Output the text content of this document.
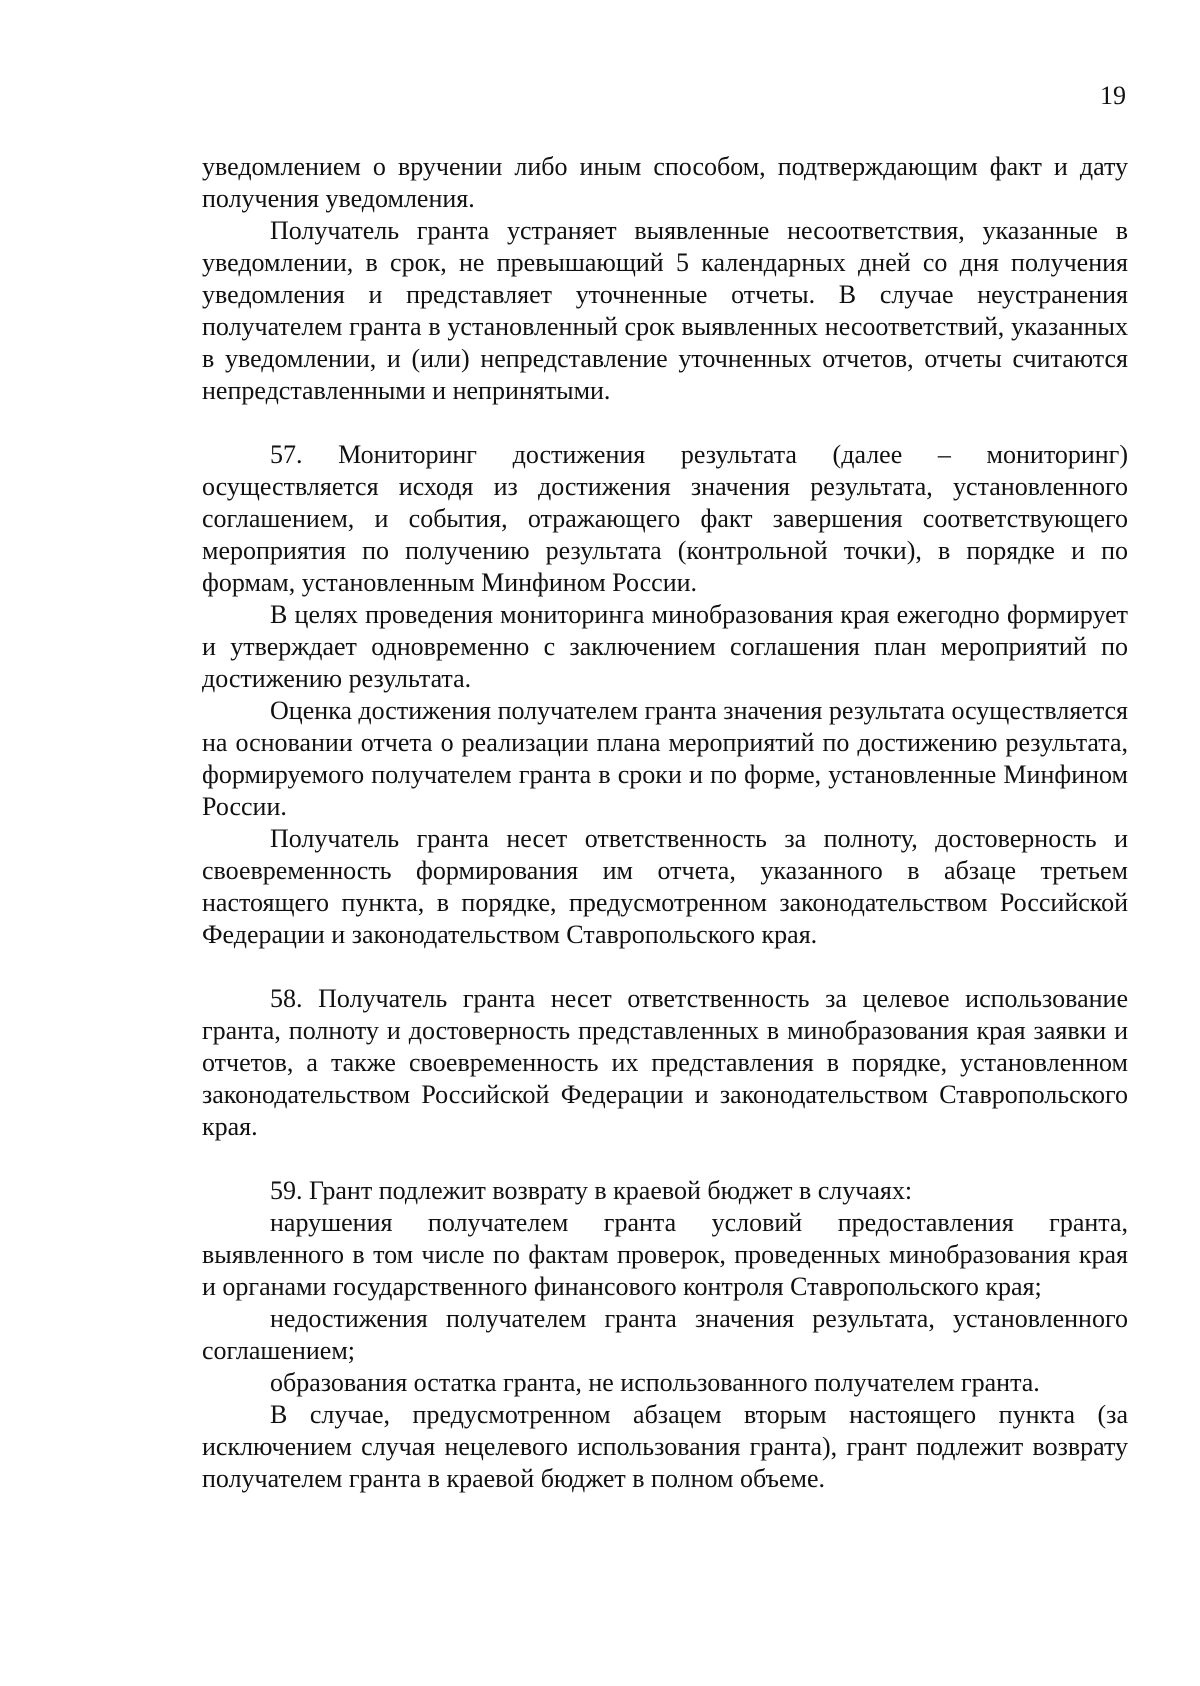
19

уведомлением о вручении либо иным способом, подтверждающим факт и дату получения уведомления.

Получатель гранта устраняет выявленные несоответствия, указанные в уведомлении, в срок, не превышающий 5 календарных дней со дня получения уведомления и представляет уточненные отчеты. В случае неустранения получателем гранта в установленный срок выявленных несоответствий, указанных в уведомлении, и (или) непредставление уточненных отчетов, отчеты считаются непредставленными и непринятыми.

57. Мониторинг достижения результата (далее – мониторинг) осуществляется исходя из достижения значения результата, установленного соглашением, и события, отражающего факт завершения соответствующего мероприятия по получению результата (контрольной точки), в порядке и по формам, установленным Минфином России.

В целях проведения мониторинга минобразования края ежегодно формирует и утверждает одновременно с заключением соглашения план мероприятий по достижению результата.

Оценка достижения получателем гранта значения результата осуществляется на основании отчета о реализации плана мероприятий по достижению результата, формируемого получателем гранта в сроки и по форме, установленные Минфином России.

Получатель гранта несет ответственность за полноту, достоверность и своевременность формирования им отчета, указанного в абзаце третьем настоящего пункта, в порядке, предусмотренном законодательством Российской Федерации и законодательством Ставропольского края.

58. Получатель гранта несет ответственность за целевое использование гранта, полноту и достоверность представленных в минобразования края заявки и отчетов, а также своевременность их представления в порядке, установленном законодательством Российской Федерации и законодательством Ставропольского края.

59. Грант подлежит возврату в краевой бюджет в случаях:

нарушения получателем гранта условий предоставления гранта, выявленного в том числе по фактам проверок, проведенных минобразования края и органами государственного финансового контроля Ставропольского края;

недостижения получателем гранта значения результата, установленного соглашением;

образования остатка гранта, не использованного получателем гранта.

В случае, предусмотренном абзацем вторым настоящего пункта (за исключением случая нецелевого использования гранта), грант подлежит возврату получателем гранта в краевой бюджет в полном объеме.
